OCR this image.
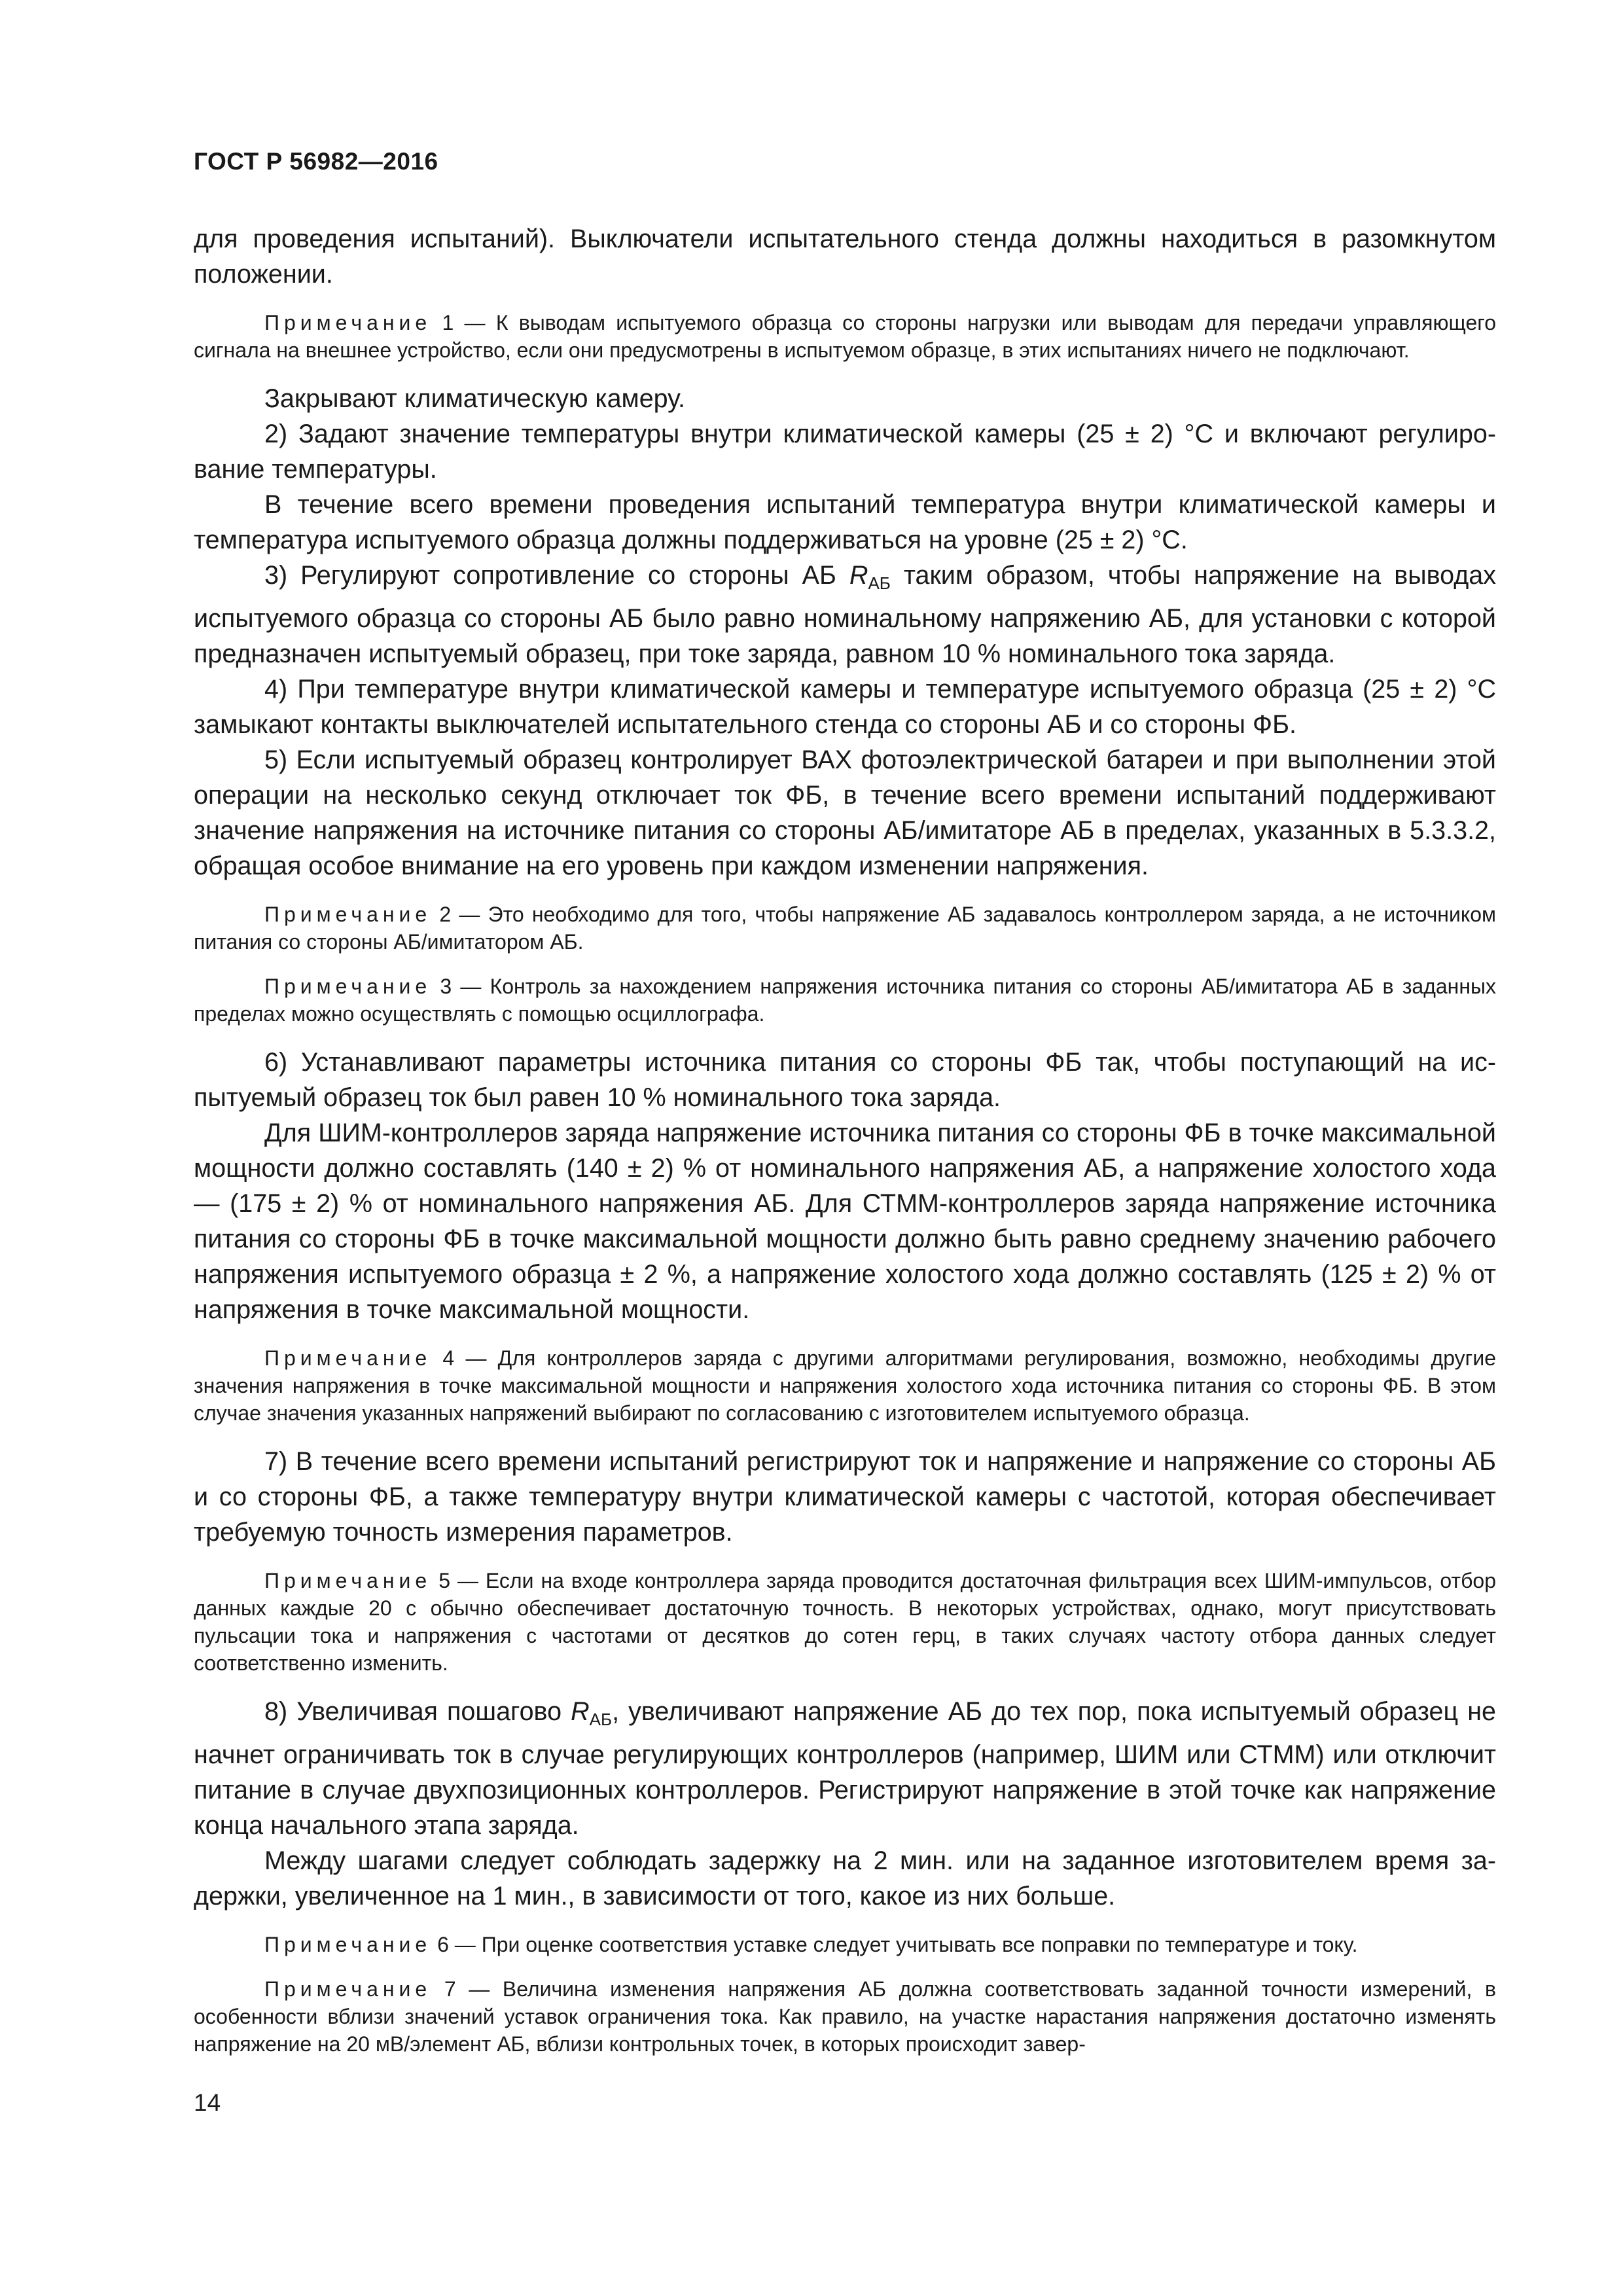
ГОСТ Р 56982—2016

для проведения испытаний). Выключатели испытательного стенда должны находиться в разомкнутом положении.

Примечание 1 — К выводам испытуемого образца со стороны нагрузки или выводам для передачи управляющего сигнала на внешнее устройство, если они предусмотрены в испытуемом образце, в этих испытаниях ничего не подключают.

Закрывают климатическую камеру.

2) Задают значение температуры внутри климатической камеры (25 ± 2) °С и включают регулирование температуры.

В течение всего времени проведения испытаний температура внутри климатической камеры и температура испытуемого образца должны поддерживаться на уровне (25 ± 2) °С.

3) Регулируют сопротивление со стороны АБ $R_{АБ}$ таким образом, чтобы напряжение на выводах испытуемого образца со стороны АБ было равно номинальному напряжению АБ, для установки с которой предназначен испытуемый образец, при токе заряда, равном 10 % номинального тока заряда.

4) При температуре внутри климатической камеры и температуре испытуемого образца (25 ± 2) °С замыкают контакты выключателей испытательного стенда со стороны АБ и со стороны ФБ.

5) Если испытуемый образец контролирует ВАХ фотоэлектрической батареи и при выполнении этой операции на несколько секунд отключает ток ФБ, в течение всего времени испытаний поддерживают значение напряжения на источнике питания со стороны АБ/имитаторе АБ в пределах, указанных в 5.3.3.2, обращая особое внимание на его уровень при каждом изменении напряжения.

Примечание 2 — Это необходимо для того, чтобы напряжение АБ задавалось контроллером заряда, а не источником питания со стороны АБ/имитатором АБ.

Примечание 3 — Контроль за нахождением напряжения источника питания со стороны АБ/имитатора АБ в заданных пределах можно осуществлять с помощью осциллографа.

6) Устанавливают параметры источника питания со стороны ФБ так, чтобы поступающий на испытуемый образец ток был равен 10 % номинального тока заряда.

Для ШИМ-контроллеров заряда напряжение источника питания со стороны ФБ в точке максимальной мощности должно составлять (140 ± 2) % от номинального напряжения АБ, а напряжение холостого хода — (175 ± 2) % от номинального напряжения АБ. Для СТММ-контроллеров заряда напряжение источника питания со стороны ФБ в точке максимальной мощности должно быть равно среднему значению рабочего напряжения испытуемого образца ± 2 %, а напряжение холостого хода должно составлять (125 ± 2) % от напряжения в точке максимальной мощности.

Примечание 4 — Для контроллеров заряда с другими алгоритмами регулирования, возможно, необходимы другие значения напряжения в точке максимальной мощности и напряжения холостого хода источника питания со стороны ФБ. В этом случае значения указанных напряжений выбирают по согласованию с изготовителем испытуемого образца.

7) В течение всего времени испытаний регистрируют ток и напряжение и напряжение со стороны АБ и со стороны ФБ, а также температуру внутри климатической камеры с частотой, которая обеспечивает требуемую точность измерения параметров.

Примечание 5 — Если на входе контроллера заряда проводится достаточная фильтрация всех ШИМ-импульсов, отбор данных каждые 20 с обычно обеспечивает достаточную точность. В некоторых устройствах, однако, могут присутствовать пульсации тока и напряжения с частотами от десятков до сотен герц, в таких случаях частоту отбора данных следует соответственно изменить.

8) Увеличивая пошагово $R_{АБ}$, увеличивают напряжение АБ до тех пор, пока испытуемый образец не начнет ограничивать ток в случае регулирующих контроллеров (например, ШИМ или СТММ) или отключит питание в случае двухпозиционных контроллеров. Регистрируют напряжение в этой точке как напряжение конца начального этапа заряда.

Между шагами следует соблюдать задержку на 2 мин. или на заданное изготовителем время задержки, увеличенное на 1 мин., в зависимости от того, какое из них больше.

Примечание 6 — При оценке соответствия уставке следует учитывать все поправки по температуре и току.

Примечание 7 — Величина изменения напряжения АБ должна соответствовать заданной точности измерений, в особенности вблизи значений уставок ограничения тока. Как правило, на участке нарастания напряжения достаточно изменять напряжение на 20 мВ/элемент АБ, вблизи контрольных точек, в которых происходит завер-

14
